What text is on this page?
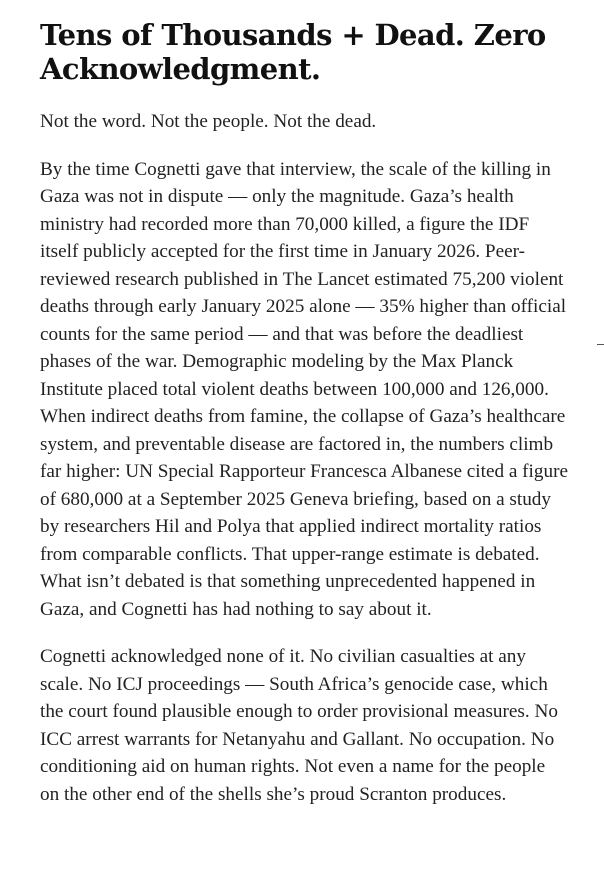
Tens of Thousands + Dead. Zero Acknowledgment.

Not the word. Not the people. Not the dead.

By the time Cognetti gave that interview, the scale of the killing in Gaza was not in dispute — only the magnitude. Gaza’s health ministry had recorded more than 70,000 killed, a figure the IDF itself publicly accepted for the first time in January 2026. Peer-reviewed research published in The Lancet estimated 75,200 violent deaths through early January 2025 alone — 35% higher than official counts for the same period — and that was before the deadliest phases of the war. Demographic modeling by the Max Planck Institute placed total violent deaths between 100,000 and 126,000. When indirect deaths from famine, the collapse of Gaza’s healthcare system, and preventable disease are factored in, the numbers climb far higher: UN Special Rapporteur Francesca Albanese cited a figure of 680,000 at a September 2025 Geneva briefing, based on a study by researchers Hil and Polya that applied indirect mortality ratios from comparable conflicts. That upper-range estimate is debated. What isn’t debated is that something unprecedented happened in Gaza, and Cognetti has had nothing to say about it.

Cognetti acknowledged none of it. No civilian casualties at any scale. No ICJ proceedings — South Africa’s genocide case, which the court found plausible enough to order provisional measures. No ICC arrest warrants for Netanyahu and Gallant. No occupation. No conditioning aid on human rights. Not even a name for the people on the other end of the shells she’s proud Scranton produces.
